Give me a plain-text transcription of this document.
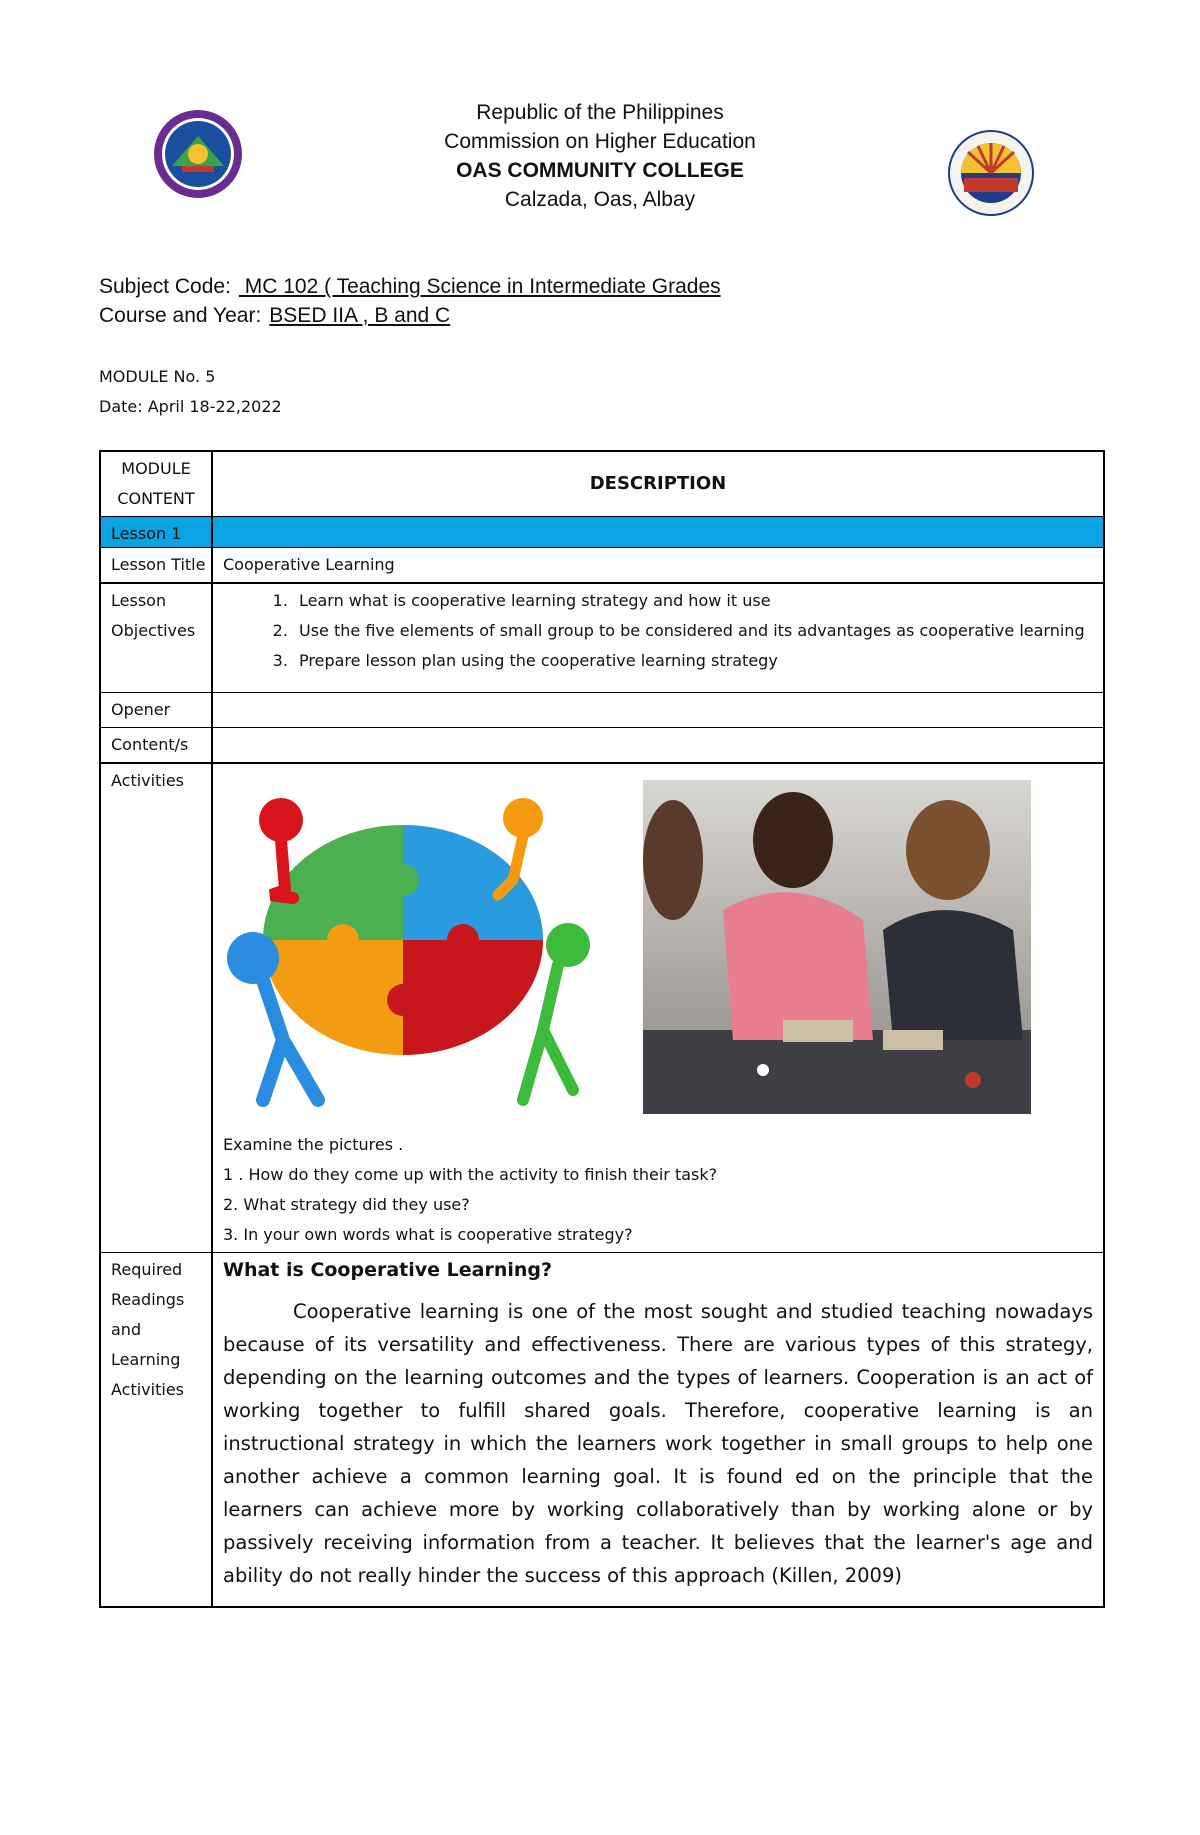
Republic of the Philippines
Commission on Higher Education
OAS COMMUNITY COLLEGE
Calzada, Oas, Albay
Subject Code: MC 102 ( Teaching Science in Intermediate Grades
Course and Year: BSED IIA , B and C
MODULE No. 5
Date: April 18-22,2022
MODULE CONTENT
DESCRIPTION
Lesson 1
Lesson Title	Cooperative Learning
Lesson Objectives
1. Learn what is cooperative learning strategy and how it use
2. Use the five elements of small group to be considered and its advantages as cooperative learning
3. Prepare lesson plan using the cooperative learning strategy
Opener
Content/s
Activities
Examine the pictures .
1 . How do they come up with the activity to finish their task?
2. What strategy did they use?
3. In your own words what is cooperative strategy?
Required Readings and Learning Activities
What is Cooperative Learning?
Cooperative learning is one of the most sought and studied teaching nowadays because of its versatility and effectiveness. There are various types of this strategy, depending on the learning outcomes and the types of learners. Cooperation is an act of working together to fulfill shared goals. Therefore, cooperative learning is an instructional strategy in which the learners work together in small groups to help one another achieve a common learning goal. It is found ed on the principle that the learners can achieve more by working collaboratively than by working alone or by passively receiving information from a teacher. It believes that the learner's age and ability do not really hinder the success of this approach (Killen, 2009)
